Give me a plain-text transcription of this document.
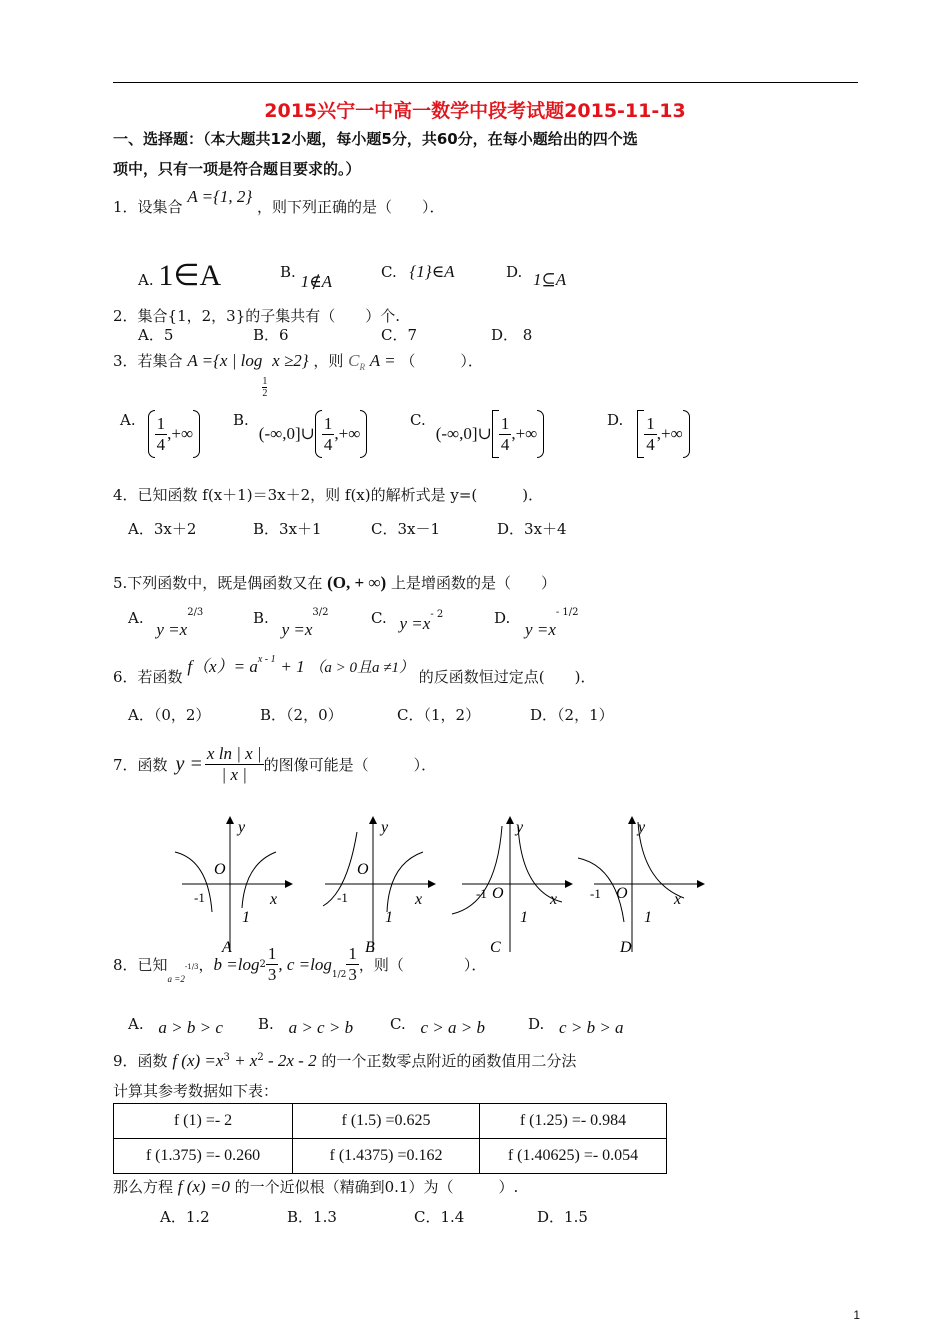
2015兴宁一中高一数学中段考试题2015-11-13
一、选择题：（本大题共12小题，每小题5分，共60分，在每小题给出的四个选
项中，只有一项是符合题目要求的。）
1．设集合 A ={1, 2} ，则下列正确的是（　　）．
A. 1∈A	B. 1∉A	C. {1}∈A	D. 1⊆A
2．集合{1，2，3}的子集共有（　　）个.
A．5	B．6	C．7	D． 8
3．若集合 A ={x | log
$\frac{1}{2}$
x ≥2} ，则 $C_R$ A = （　　　）．
A. $\frac{1}{4}$ ,+∞
B.
(-∞,0]∪ $\frac{1}{4}$ ,+∞
C.
(-∞,0]∪ $\frac{1}{4}$ ,+∞
D. $\frac{1}{4}$ ,+∞
4．已知函数 f(x＋1)＝3x＋2，则 f(x)的解析式是 y=(　　　)．
A．3x＋2	B．3x＋1	C．3x－1	D．3x＋4
5.下列函数中，既是偶函数又在 (O, + ∞) 上是增函数的是（　　）
A. $y =x^{2/3}$	B. $y =x^{3/2}$	C. $y =x^{- 2}$	D. $y =x^{- 1/2}$
6．若函数 $f(x)= a^{x - 1} + 1$ （a > 0且a ≠1） 的反函数恒过定点(　　)．
A．（0，2）	B．（2，0）	C．（1，2）	D．（2，1）
7．函数 $y = \frac{\text{x ln | x |}}{| x |}$ 的图像可能是（　　　）．
y
O
-1
1
x
A
y
O
-1
1
x
B
y
O
-1
1
x
C
y
O
-1
1
x
D
8．已知
a =2
$^{-1/3}$ ， b =log $2 \frac{1}{3}$ , c =log
$_{1/2} \frac{1}{3}$ ，则（　　　　）．
A. a > b > c B. a > c > b C. c > a > b	D. c > b > a
9．函数 f $(x) =x^3 + x^2 - 2x - 2$ 的一个正数零点附近的函数值用二分法
计算其参考数据如下表：
f (1) =- 2	f (1.5) =0.625	f (1.25) =- 0.984
f (1.375) =- 0.260	f (1.4375) =0.162	f (1.40625) =- 0.054
那么方程 f (x) =0 的一个近似根（精确到0.1）为（　　　）.
A．1.2	B．1.3	C．1.4	D．1.5
1
